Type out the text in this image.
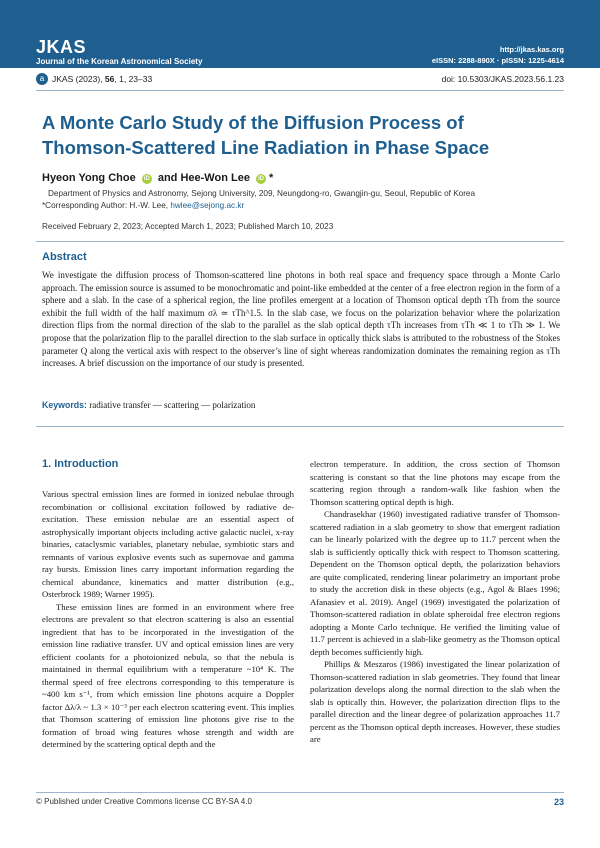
JKAS
Journal of the Korean Astronomical Society
http://jkas.kas.org
eISSN: 2288-890X · pISSN: 1225-4614
a JKAS (2023), 56, 1, 23–33	doi: 10.5303/JKAS.2023.56.1.23
A Monte Carlo Study of the Diffusion Process of
Thomson-Scattered Line Radiation in Phase Space
Hyeon Yong Choe iD and Hee-Won Lee iD *
Department of Physics and Astronomy, Sejong University, 209, Neungdong-ro, Gwangjin-gu, Seoul, Republic of Korea
*Corresponding Author: H.-W. Lee, hwlee@sejong.ac.kr
Received February 2, 2023; Accepted March 1, 2023; Published March 10, 2023
Abstract
We investigate the diffusion process of Thomson-scattered line photons in both real space and frequency space through a Monte Carlo approach. The emission source is assumed to be monochromatic and point-like embedded at the center of a free electron region in the form of a sphere and a slab. In the case of a spherical region, the line profiles emergent at a location of Thomson optical depth τTh from the source exhibit the full width of the half maximum σλ ≃ τTh^1.5. In the slab case, we focus on the polarization behavior where the polarization direction flips from the normal direction of the slab to the parallel as the slab optical depth τTh increases from τTh ≪ 1 to τTh ≫ 1. We propose that the polarization flip to the parallel direction to the slab surface in optically thick slabs is attributed to the robustness of the Stokes parameter Q along the vertical axis with respect to the observer’s line of sight whereas randomization dominates the remaining region as τTh increases. A brief discussion on the importance of our study is presented.
Keywords: radiative transfer — scattering — polarization
1. Introduction

Various spectral emission lines are formed in ionized nebulae through recombination or collisional excitation followed by radiative de-excitation. These emission nebulae are an essential aspect of astrophysically important objects including active galactic nuclei, x-ray binaries, cataclysmic variables, planetary nebulae, symbiotic stars and remnants of various explosive events such as supernovae and gamma ray bursts. Emission lines carry important information regarding the chemical abundance, kinematics and matter distribution (e.g., Osterbrock 1989; Warner 1995).

These emission lines are formed in an environment where free electrons are prevalent so that electron scattering is also an essential ingredient that has to be incorporated in the investigation of the emission line radiative transfer. UV and optical emission lines are very efficient coolants for a photoionized nebula, so that the nebula is maintained in thermal equilibrium with a temperature ~10⁴ K. The thermal speed of free electrons corresponding to this temperature is ~400 km s⁻¹, from which emission line photons acquire a Doppler factor Δλ/λ ~ 1.3 × 10⁻³ per each electron scattering event. This implies that Thomson scattering of emission line photons give rise to the formation of broad wing features whose strength and width are determined by the scattering optical depth and the

electron temperature. In addition, the cross section of Thomson scattering is constant so that the line photons may escape from the scattering region through a random-walk like fashion when the Thomson scattering optical depth is high.

Chandrasekhar (1960) investigated radiative transfer of Thomson-scattered radiation in a slab geometry to show that emergent radiation can be linearly polarized with the degree up to 11.7 percent when the slab is sufficiently optically thick with respect to Thomson scattering. Dependent on the Thomson optical depth, the polarization behaviors are quite complicated, rendering linear polarimetry an important probe to study the accretion disk in these objects (e.g., Agol & Blaes 1996; Afanasiev et al. 2019). Angel (1969) investigated the polarization of Thomson-scattered radiation in oblate spheroidal free electron regions adopting a Monte Carlo technique. He verified the limiting value of 11.7 percent is achieved in a slab-like geometry as the Thomson optical depth becomes sufficiently high.

Phillips & Meszaros (1986) investigated the linear polarization of Thomson-scattered radiation in slab geometries. They found that linear polarization develops along the normal direction to the slab when the slab is optically thin. However, the polarization direction flips to the parallel direction and the linear degree of polarization approaches 11.7 percent as the Thomson optical depth increases. However, these studies are

© Published under Creative Commons license CC BY-SA 4.0	23
